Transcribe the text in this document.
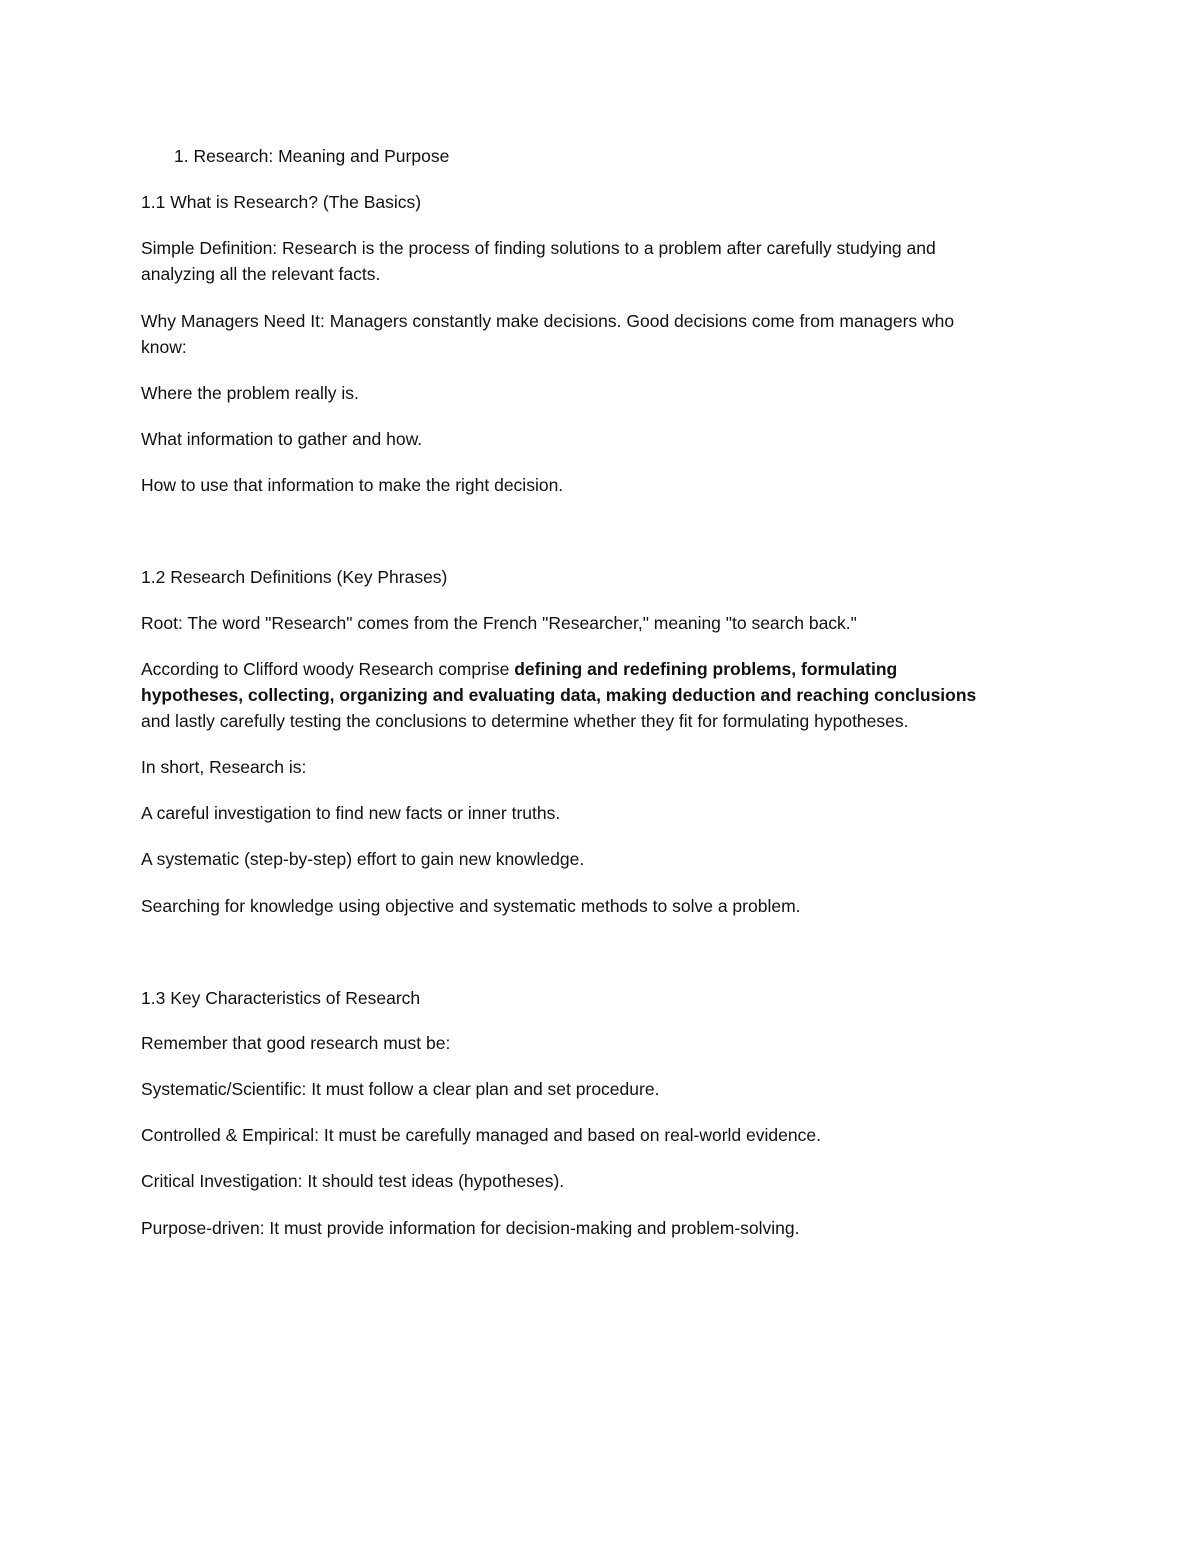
1. Research: Meaning and Purpose

1.1 What is Research? (The Basics)

Simple Definition: Research is the process of finding solutions to a problem after carefully studying and

analyzing all the relevant facts.

Why Managers Need It: Managers constantly make decisions. Good decisions come from managers who

know:

Where the problem really is.

What information to gather and how.

How to use that information to make the right decision.

1.2 Research Definitions (Key Phrases)

Root: The word "Research" comes from the French "Researcher," meaning "to search back."

According to Clifford woody Research comprise defining and redefining problems, formulating

hypotheses, collecting, organizing and evaluating data, making deduction and reaching conclusions

and lastly carefully testing the conclusions to determine whether they fit for formulating hypotheses.

In short, Research is:

A careful investigation to find new facts or inner truths.

A systematic (step-by-step) effort to gain new knowledge.

Searching for knowledge using objective and systematic methods to solve a problem.

1.3 Key Characteristics of Research

Remember that good research must be:

Systematic/Scientific: It must follow a clear plan and set procedure.

Controlled & Empirical: It must be carefully managed and based on real-world evidence.

Critical Investigation: It should test ideas (hypotheses).

Purpose-driven: It must provide information for decision-making and problem-solving.
